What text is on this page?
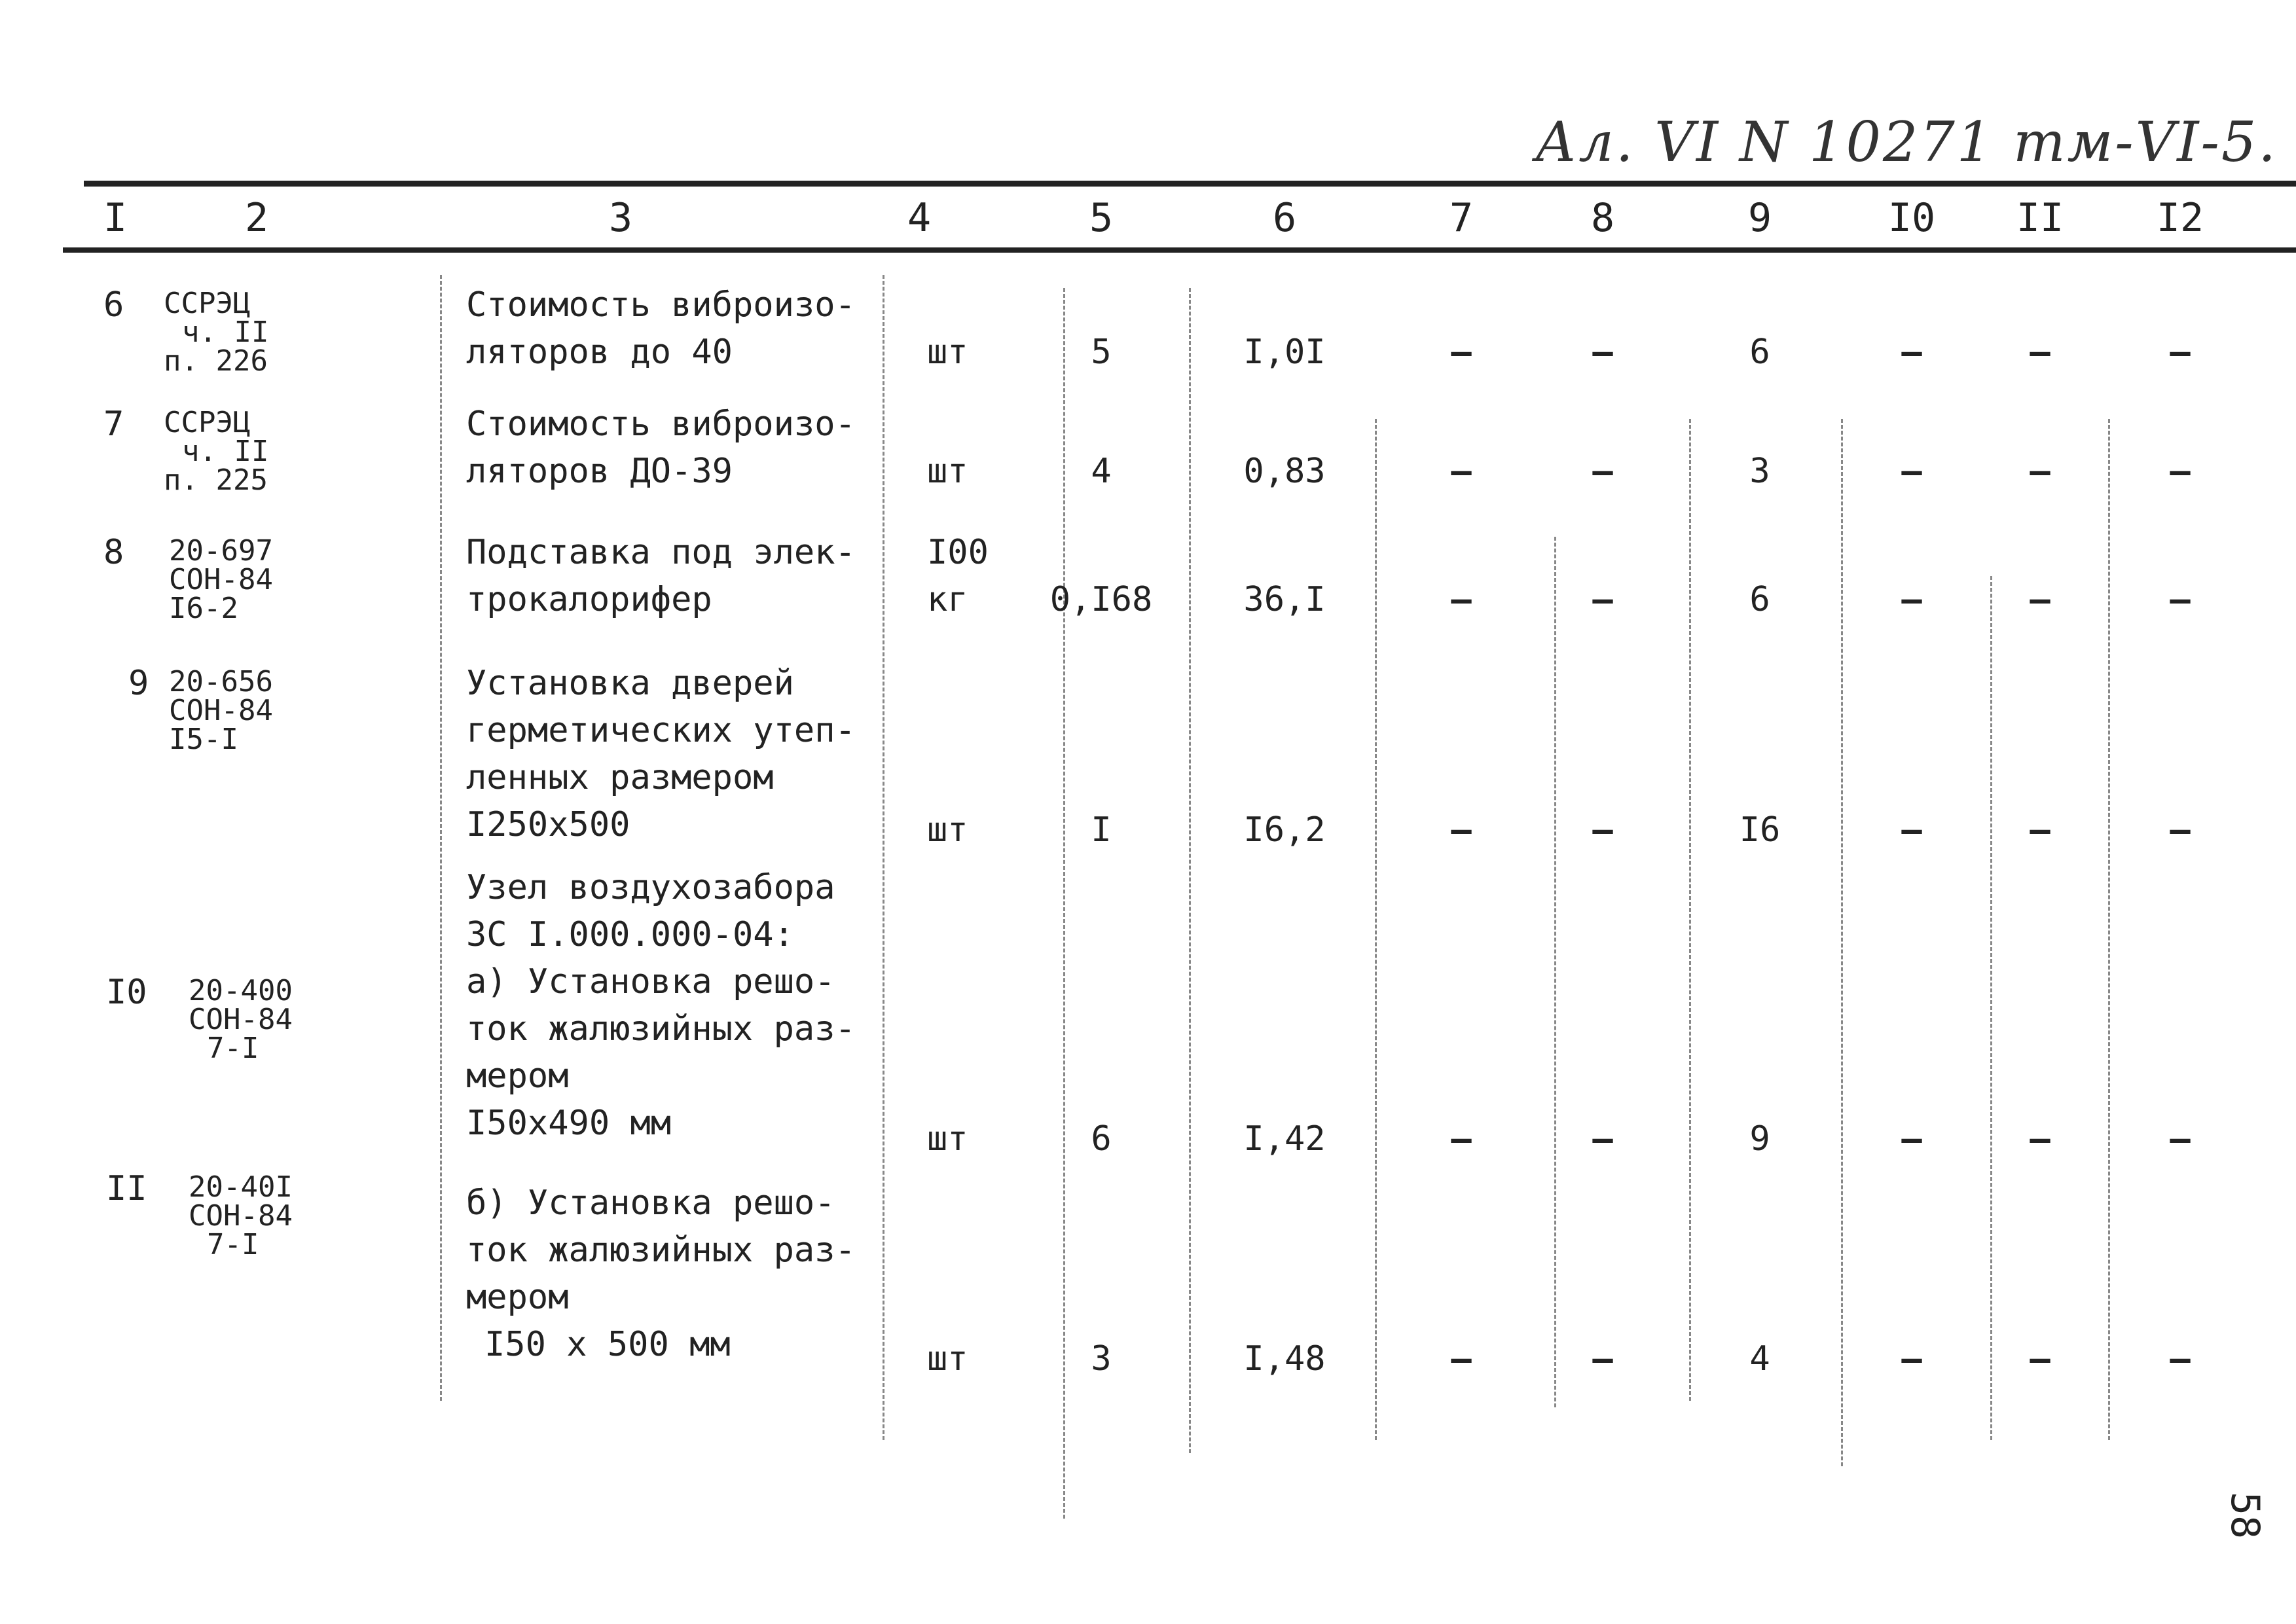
Ал. VI N 10271 тм-VI-5.
I	2	3	4	5	6	7	8	9	I0 II I2
6 ССРЭЦ
ч. II
п. 226
Стоимость виброизо-
ляторов до 40	шт	5	I,0I	–	–	6	–	–	–
7 ССРЭЦ
ч. II
п. 225
Стоимость виброизо-
ляторов ДО-39	шт	4	0,83	–	–	3	–	–	–
8 20-697
СОН-84
I6-2
Подставка под элек-
трокалорифер
I00
кг	0,I68	36,I	–	–	6	–	–	–
9 20-656
СОН-84
I5-I
Установка дверей
герметических утеп-
ленных размером
I250x500	шт	I	I6,2	–	–	I6	–	–	–
Узел воздухозабора
ЗС I.000.000-04:
I0 20-400
СОН-84
7-I
а) Установка решо-
ток жалюзийных раз-
мером
I50x490 мм	шт	6	I,42	–	–	9	–	–	–
II 20-40I
СОН-84
7-I
б) Установка решо-
ток жалюзийных раз-
мером
I50 x 500 мм	шт	3	I,48	–	–	4	–	–	–
58
